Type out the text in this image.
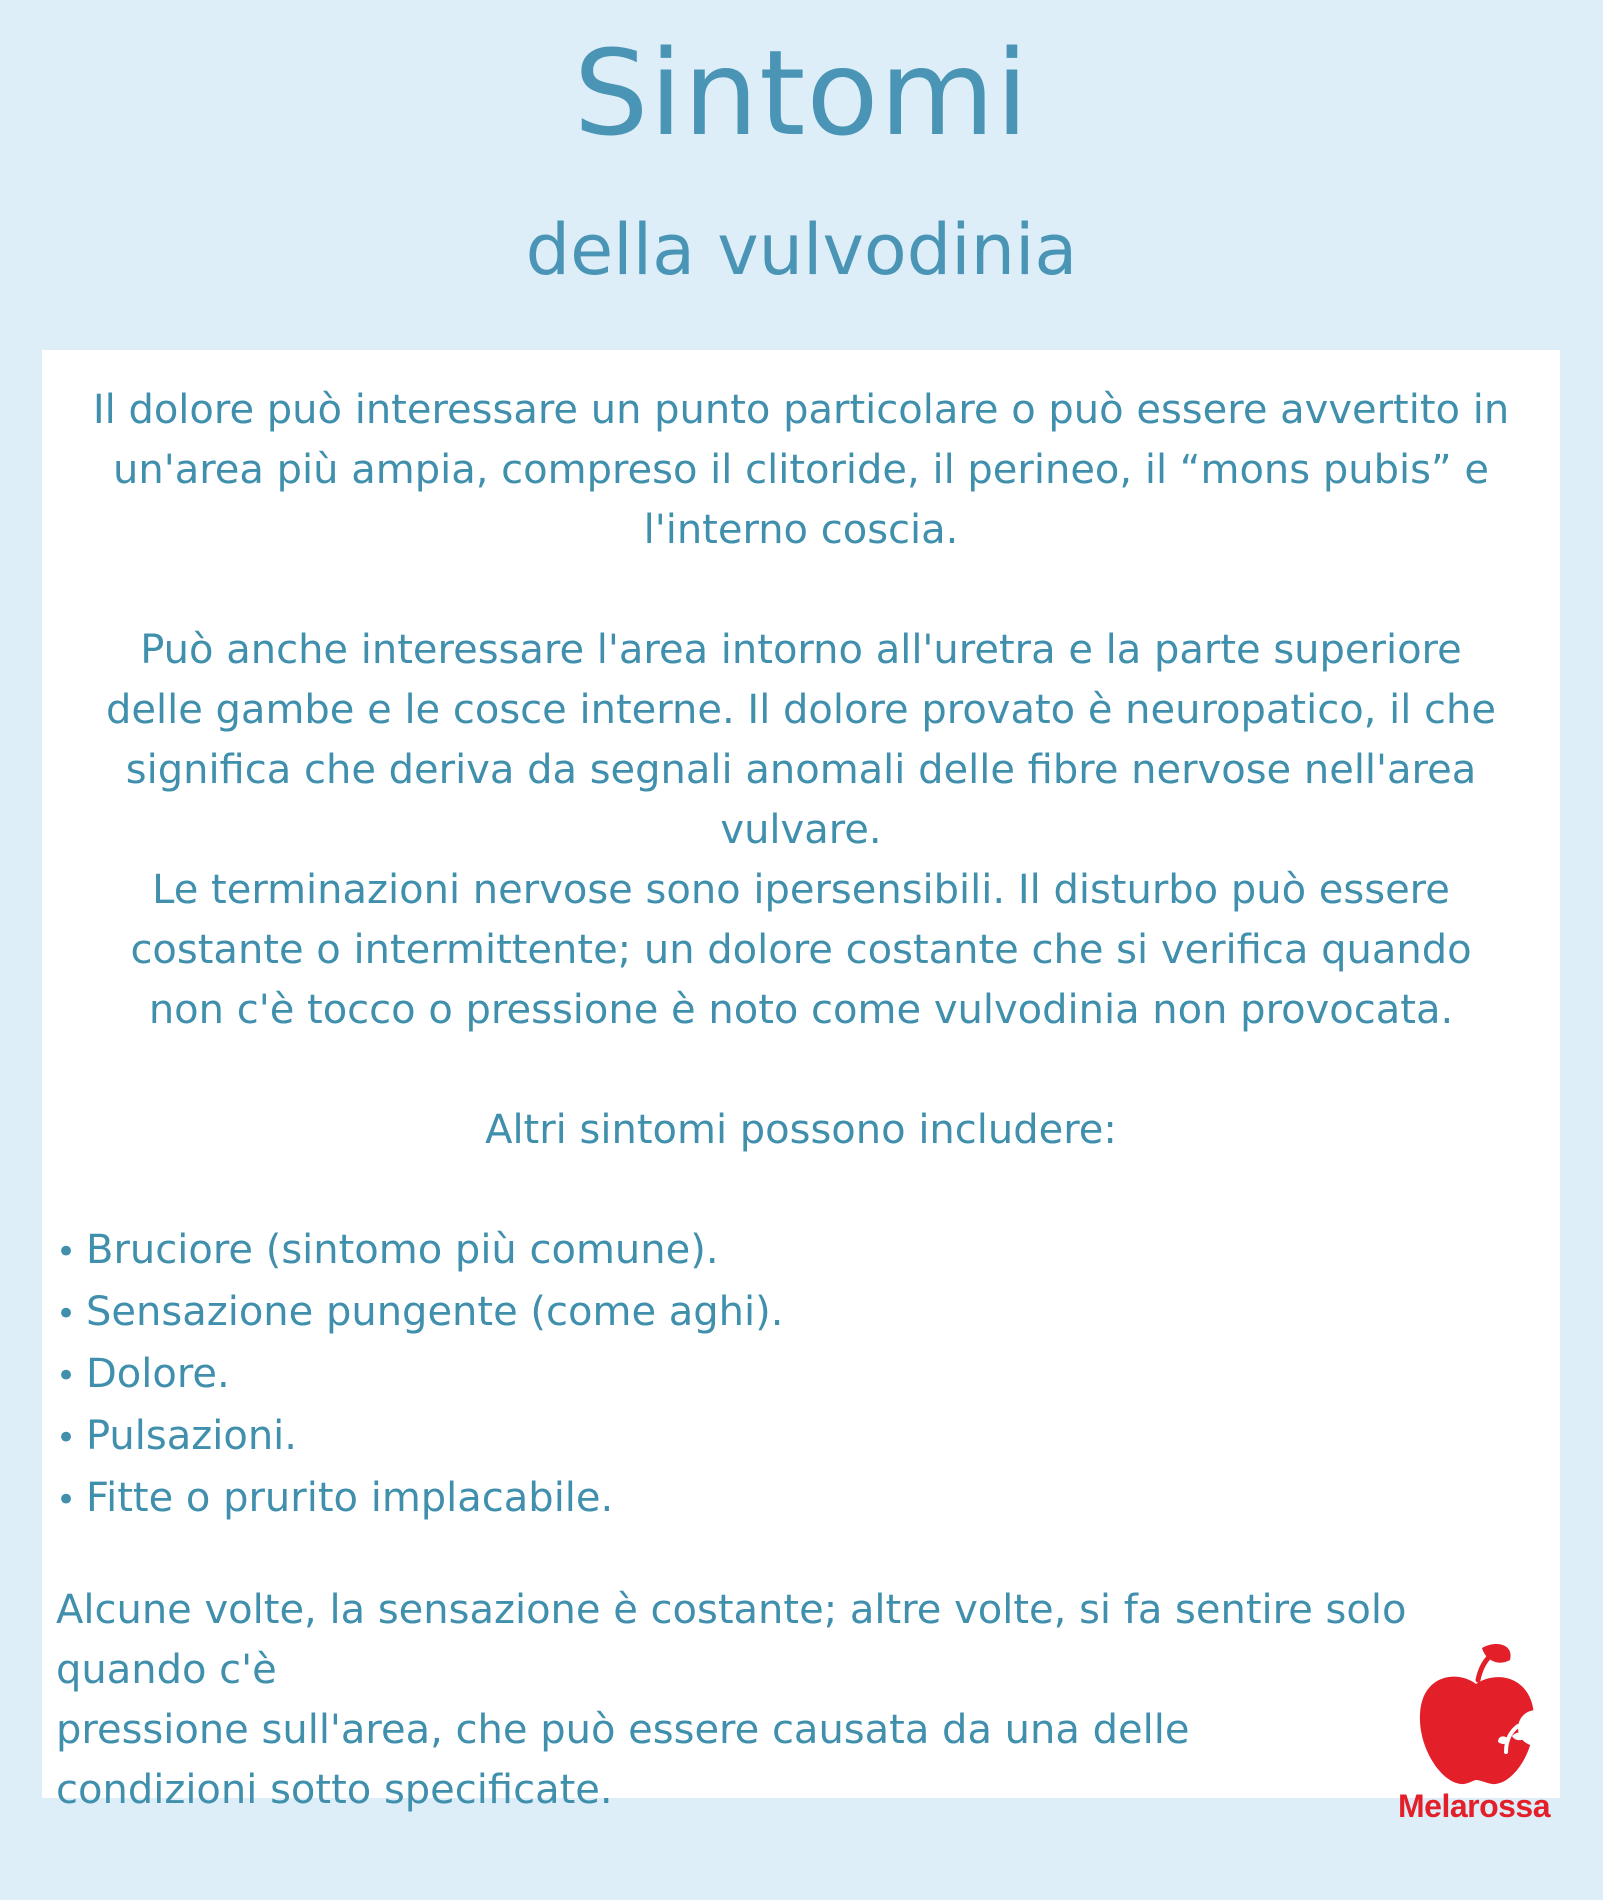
Sintomi
della vulvodinia

Il dolore può interessare un punto particolare o può essere avvertito in un'area più ampia, compreso il clitoride, il perineo, il “mons pubis” e l'interno coscia.

Può anche interessare l'area intorno all'uretra e la parte superiore delle gambe e le cosce interne. Il dolore provato è neuropatico, il che significa che deriva da segnali anomali delle fibre nervose nell'area vulvare.

Le terminazioni nervose sono ipersensibili. Il disturbo può essere costante o intermittente; un dolore costante che si verifica quando non c'è tocco o pressione è noto come vulvodinia non provocata.

Altri sintomi possono includere:

• Bruciore (sintomo più comune).
• Sensazione pungente (come aghi).
• Dolore.
• Pulsazioni.
• Fitte o prurito implacabile.
Alcune volte, la sensazione è costante; altre volte, si fa sentire solo quando c'è
pressione sull'area, che può essere causata da una delle
condizioni sotto specificate.	Melarossa
